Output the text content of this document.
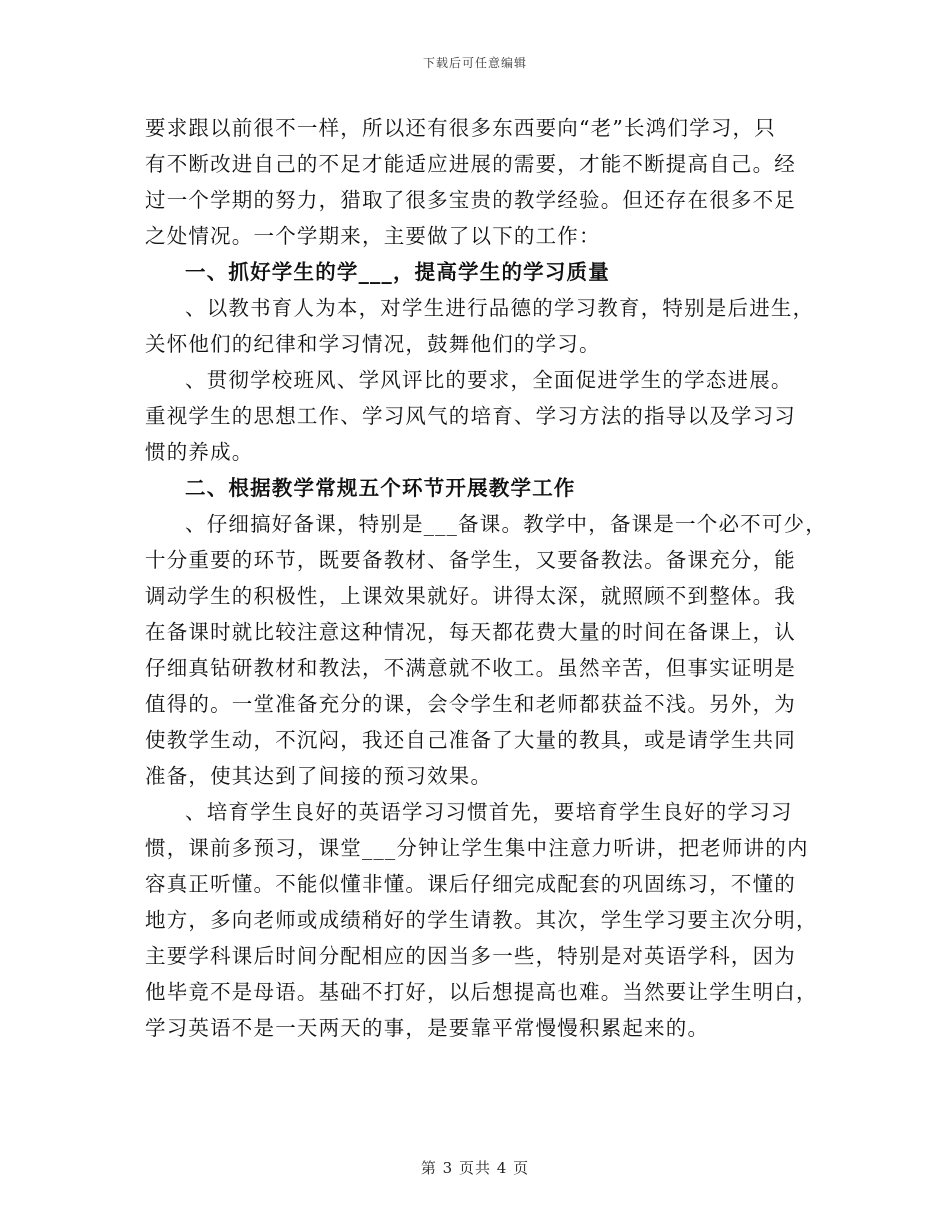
下载后可任意编辑
要求跟以前很不一样，所以还有很多东西要向“老”长鸿们学习，只
有不断改进自己的不足才能适应进展的需要，才能不断提高自己。经
过一个学期的努力，猎取了很多宝贵的教学经验。但还存在很多不足
之处情况。一个学期来，主要做了以下的工作：
一、抓好学生的学___，提高学生的学习质量
、以教书育人为本，对学生进行品德的学习教育，特别是后进生，
关怀他们的纪律和学习情况，鼓舞他们的学习。
、贯彻学校班风、学风评比的要求，全面促进学生的学态进展。
重视学生的思想工作、学习风气的培育、学习方法的指导以及学习习
惯的养成。
二、根据教学常规五个环节开展教学工作
、仔细搞好备课，特别是___备课。教学中，备课是一个必不可少，
十分重要的环节，既要备教材、备学生，又要备教法。备课充分，能
调动学生的积极性，上课效果就好。讲得太深，就照顾不到整体。我
在备课时就比较注意这种情况，每天都花费大量的时间在备课上，认
仔细真钻研教材和教法，不满意就不收工。虽然辛苦，但事实证明是
值得的。一堂准备充分的课，会令学生和老师都获益不浅。另外，为
使教学生动，不沉闷，我还自己准备了大量的教具，或是请学生共同
准备，使其达到了间接的预习效果。
、培育学生良好的英语学习习惯首先，要培育学生良好的学习习
惯，课前多预习，课堂___分钟让学生集中注意力听讲，把老师讲的内
容真正听懂。不能似懂非懂。课后仔细完成配套的巩固练习，不懂的
地方，多向老师或成绩稍好的学生请教。其次，学生学习要主次分明，
主要学科课后时间分配相应的因当多一些，特别是对英语学科，因为
他毕竟不是母语。基础不打好，以后想提高也难。当然要让学生明白，
学习英语不是一天两天的事，是要靠平常慢慢积累起来的。
第 3 页共 4 页
